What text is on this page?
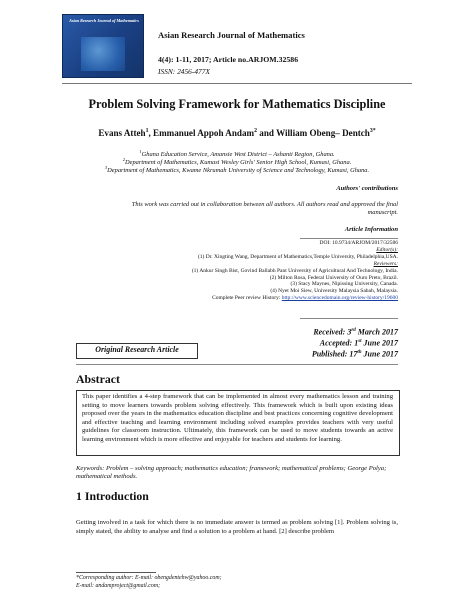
Asian Research Journal of Mathematics
Asian Research Journal of Mathematics
4(4): 1-11, 2017; Article no.ARJOM.32586
ISSN: 2456-477X
Problem Solving Framework for Mathematics Discipline
Evans Atteh$^1$, Emmanuel Appoh Andam$^2$ and William Obeng– Dentch$^{3*}$
$^1$Ghana Education Service, Amansie West District – Ashanti Region, Ghana.
$^2$Department of Mathematics, Kumasi Wesley Girls' Senior High School, Kumasi, Ghana.
$^3$Department of Mathematics, Kwame Nkrumah University of Science and Technology, Kumasi, Ghana.
Authors' contributions
This work was carried out in collaboration between all authors. All authors read and approved the final
manuscript.
Article Information
DOI: 10.9734/ARJOM/2017/32586
Editor(s):
(1) Dr. Xingting Wang, Department of Mathematics,Temple University, Philadelphia,USA.
Reviewers:
(1) Ankur Singh Bist, Govind Ballabh Pant University of Agricultural And Technology, India.
(2) Milton Rosa, Federal University of Ouro Preto, Brazil.
(3) Stacy Maynes, Nipissing University, Canada.
(4) Nyet Moi Siew, University Malaysia Sabah, Malaysia.
Complete Peer review History: http://www.sciencedomain.org/review-history/19600
Received: 3rd March 2017
Accepted: 1st June 2017
Published: 17th June 2017
Original Research Article
Abstract
This paper identifies a 4-step framework that can be implemented in almost every mathematics lesson and training setting to move learners towards problem solving effectively. This framework which is built upon existing ideas proposed over the years in the mathematics education discipline and best practices concerning cognitive development and effective teaching and learning environment including solved examples provides teachers with very useful guidelines for classroom instruction. Ultimately, this framework can be used to move students towards an active learning environment which is more effective and enjoyable for teachers and students for learning.
Keywords: Problem – solving approach; mathematics education; framework; mathematical problems; George Polya; mathematical methods.
1 Introduction
Getting involved in a task for which there is no immediate answer is termed as problem solving [1]. Problem solving is, simply stated, the ability to analyse and find a solution to a problem at hand. [2] describe problem
*Corresponding author: E-mail: obengdentehw@yahoo.com;
E-mail: andamproject@gmail.com;
